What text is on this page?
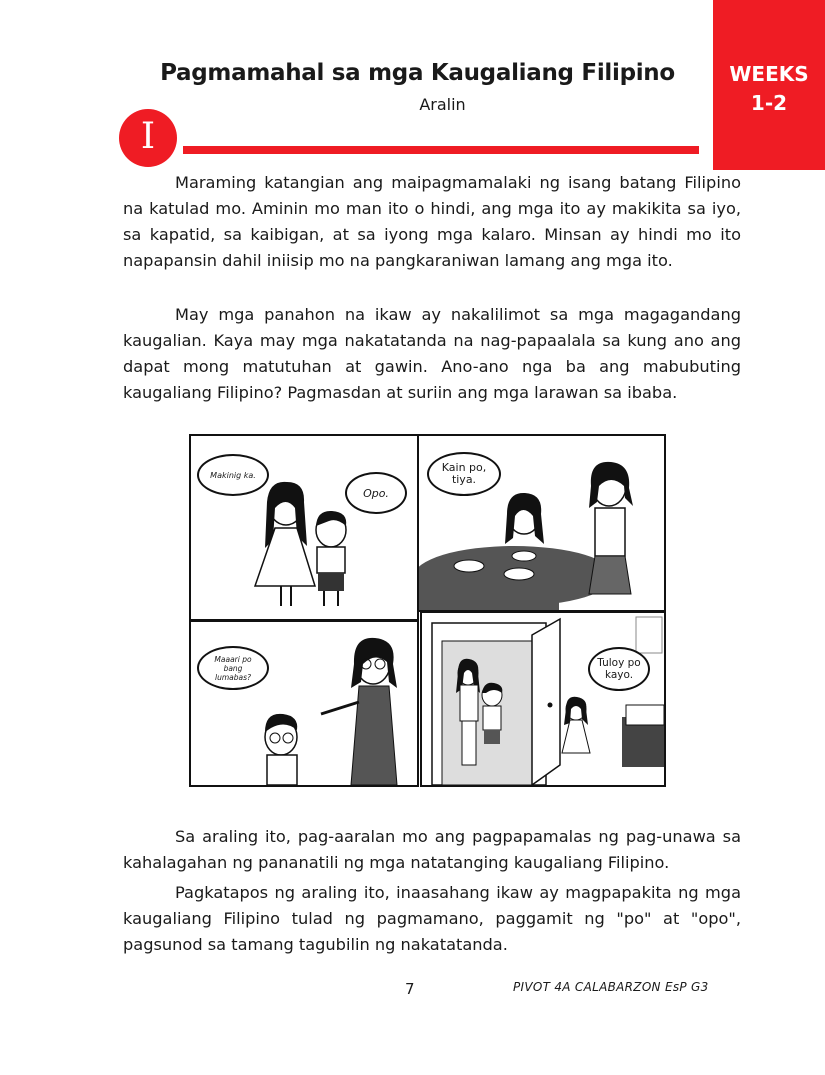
WEEKS
1-2
Pagmamahal sa mga Kaugaliang Filipino
Aralin
I

Maraming katangian ang maipagmamalaki ng isang batang Filipino na katulad mo. Aminin mo man ito o hindi, ang mga ito ay makikita sa iyo, sa kapatid, sa kaibigan, at sa iyong mga kalaro. Minsan ay hindi mo ito napapansin dahil iniisip mo na pangkaraniwan lamang ang mga ito.

May mga panahon na ikaw ay nakalilimot sa mga magagandang kaugalian. Kaya may mga nakatatanda na nag-papaalala sa kung ano ang dapat mong matutuhan at gawin. Ano-ano nga ba ang mabubuting kaugaliang Filipino? Pagmasdan at suriin ang mga larawan sa ibaba.

Makinig ka.
Opo.
Kain po, tiya.
Maaari po bang lumabas?
Tuloy po kayo.

Sa araling ito, pag-aaralan mo ang pagpapamalas ng pag-unawa sa kahalagahan ng pananatili ng mga natatanging kaugaliang Filipino.

Pagkatapos ng araling ito, inaasahang ikaw ay magpapakita ng mga kaugaliang Filipino tulad ng pagmamano, paggamit ng "po" at "opo", pagsunod sa tamang tagubilin ng nakatatanda.

7	PIVOT 4A CALABARZON EsP G3
